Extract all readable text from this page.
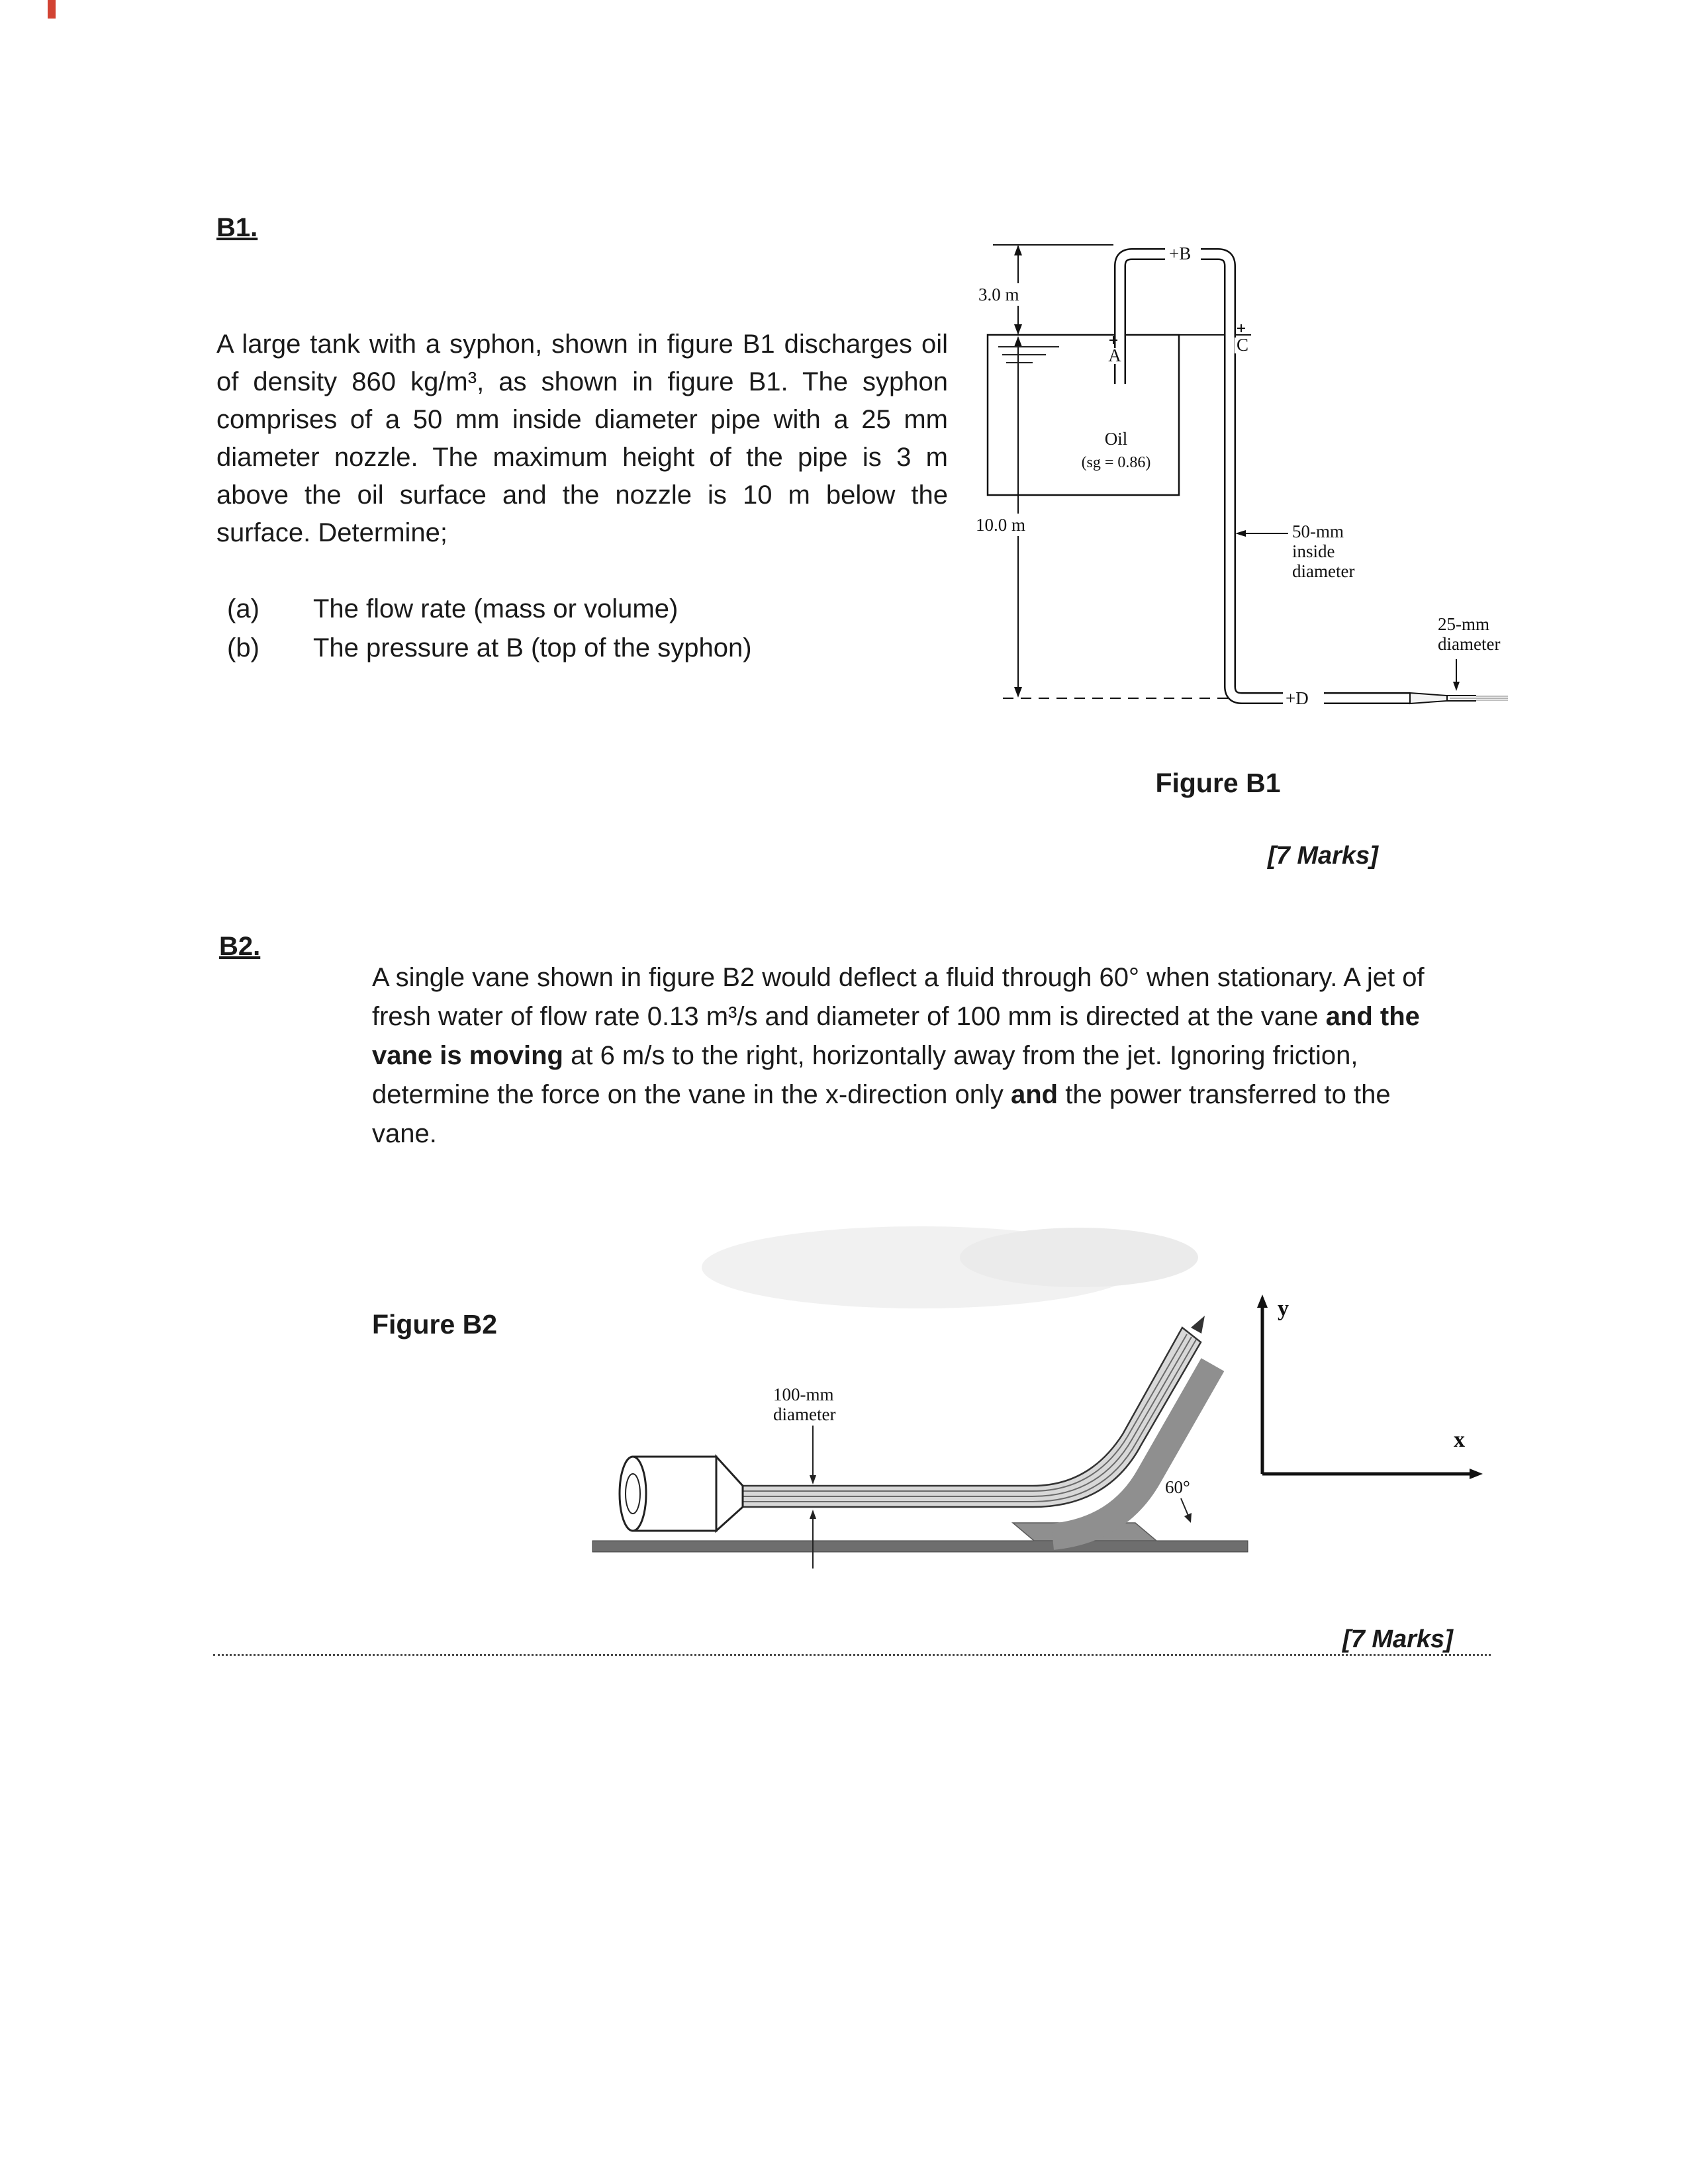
B1.
A large tank with a syphon, shown in figure B1 discharges oil of density 860 kg/m³, as shown in figure B1. The syphon comprises of a 50 mm inside diameter pipe with a 25 mm diameter nozzle. The maximum height of the pipe is 3 m above the oil surface and the nozzle is 10 m below the surface. Determine;
(a)	The flow rate (mass or volume)
(b)	The pressure at B (top of the syphon)
3.0 m
10.0 m
Oil
(sg = 0.86)
+B
A
C
+D
50-mm
inside
diameter
25-mm
diameter
Figure B1
[7 Marks]
B2.
A single vane shown in figure B2 would deflect a fluid through 60° when stationary. A jet of fresh water of flow rate 0.13 m³/s and diameter of 100 mm is directed at the vane and the vane is moving at 6 m/s to the right, horizontally away from the jet. Ignoring friction, determine the force on the vane in the x-direction only and the power transferred to the vane.
Figure B2
100-mm
diameter
60°
y
x
[7 Marks]
